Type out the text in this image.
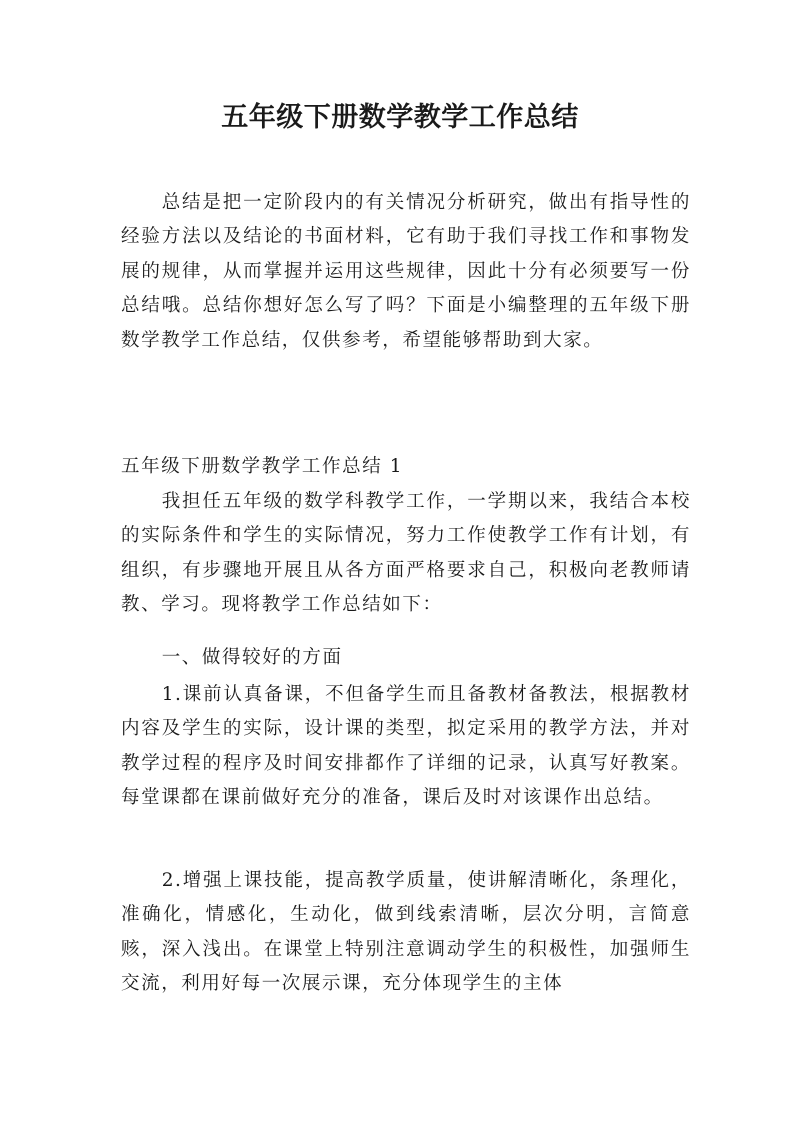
五年级下册数学教学工作总结

总结是把一定阶段内的有关情况分析研究，做出有指导性的经验方法以及结论的书面材料，它有助于我们寻找工作和事物发展的规律，从而掌握并运用这些规律，因此十分有必须要写一份总结哦。总结你想好怎么写了吗？下面是小编整理的五年级下册数学教学工作总结，仅供参考，希望能够帮助到大家。

五年级下册数学教学工作总结 1

我担任五年级的数学科教学工作，一学期以来，我结合本校的实际条件和学生的实际情况，努力工作使教学工作有计划，有组织，有步骤地开展且从各方面严格要求自己，积极向老教师请教、学习。现将教学工作总结如下：

一、做得较好的方面

1.课前认真备课，不但备学生而且备教材备教法，根据教材内容及学生的实际，设计课的类型，拟定采用的教学方法，并对教学过程的程序及时间安排都作了详细的记录，认真写好教案。每堂课都在课前做好充分的准备，课后及时对该课作出总结。

2.增强上课技能，提高教学质量，使讲解清晰化，条理化，准确化，情感化，生动化，做到线索清晰，层次分明，言简意赅，深入浅出。在课堂上特别注意调动学生的积极性，加强师生交流，利用好每一次展示课，充分体现学生的主体
